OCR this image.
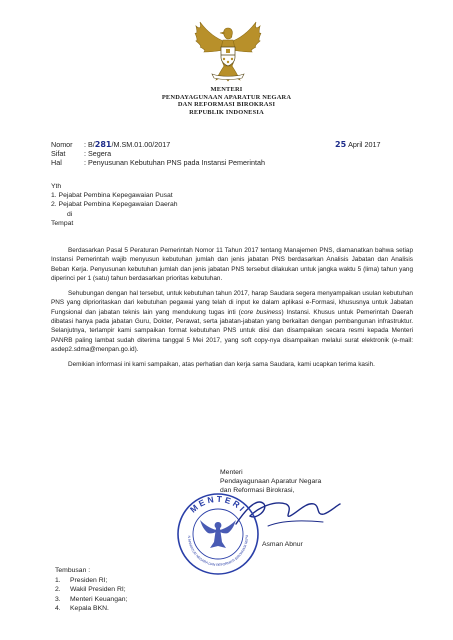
MENTERI
PENDAYAGUNAAN APARATUR NEGARA
DAN REFORMASI BIROKRASI
REPUBLIK INDONESIA
Nomor : B/281/M.SM.01.00/2017	25 April 2017
Sifat	: Segera
Hal	: Penyusunan Kebutuhan PNS pada Instansi Pemerintah
Yth
1. Pejabat Pembina Kepegawaian Pusat
2. Pejabat Pembina Kepegawaian Daerah
di
Tempat

Berdasarkan Pasal 5 Peraturan Pemerintah Nomor 11 Tahun 2017 tentang Manajemen PNS, diamanatkan bahwa setiap Instansi Pemerintah wajib menyusun kebutuhan jumlah dan jenis jabatan PNS berdasarkan Analisis Jabatan dan Analisis Beban Kerja. Penyusunan kebutuhan jumlah dan jenis jabatan PNS tersebut dilakukan untuk jangka waktu 5 (lima) tahun yang diperinci per 1 (satu) tahun berdasarkan prioritas kebutuhan.

Sehubungan dengan hal tersebut, untuk kebutuhan tahun 2017, harap Saudara segera menyampaikan usulan kebutuhan PNS yang diprioritaskan dari kebutuhan pegawai yang telah di input ke dalam aplikasi e-Formasi, khususnya untuk Jabatan Fungsional dan jabatan teknis lain yang mendukung tugas inti (core business) Instansi. Khusus untuk Pemerintah Daerah dibatasi hanya pada jabatan Guru, Dokter, Perawat, serta jabatan-jabatan yang berkaitan dengan pembangunan infrastruktur. Selanjutnya, terlampir kami sampaikan format kebutuhan PNS untuk diisi dan disampaikan secara resmi kepada Menteri PANRB paling lambat sudah diterima tanggal 5 Mei 2017, yang soft copy-nya disampaikan melalui surat elektronik (e-mail: asdep2.sdma@menpan.go.id).

Demikian informasi ini kami sampaikan, atas perhatian dan kerja sama Saudara, kami ucapkan terima kasih.

Menteri
Pendayagunaan Aparatur Negara
dan Reformasi Birokrasi,
MENTERI
N APARATUR NEGARA DAN REFORMASI BIROKRASI REPU
Asman Abnur
Tembusan :
1. Presiden RI;
2. Wakil Presiden RI;
3. Menteri Keuangan;
4. Kepala BKN.
